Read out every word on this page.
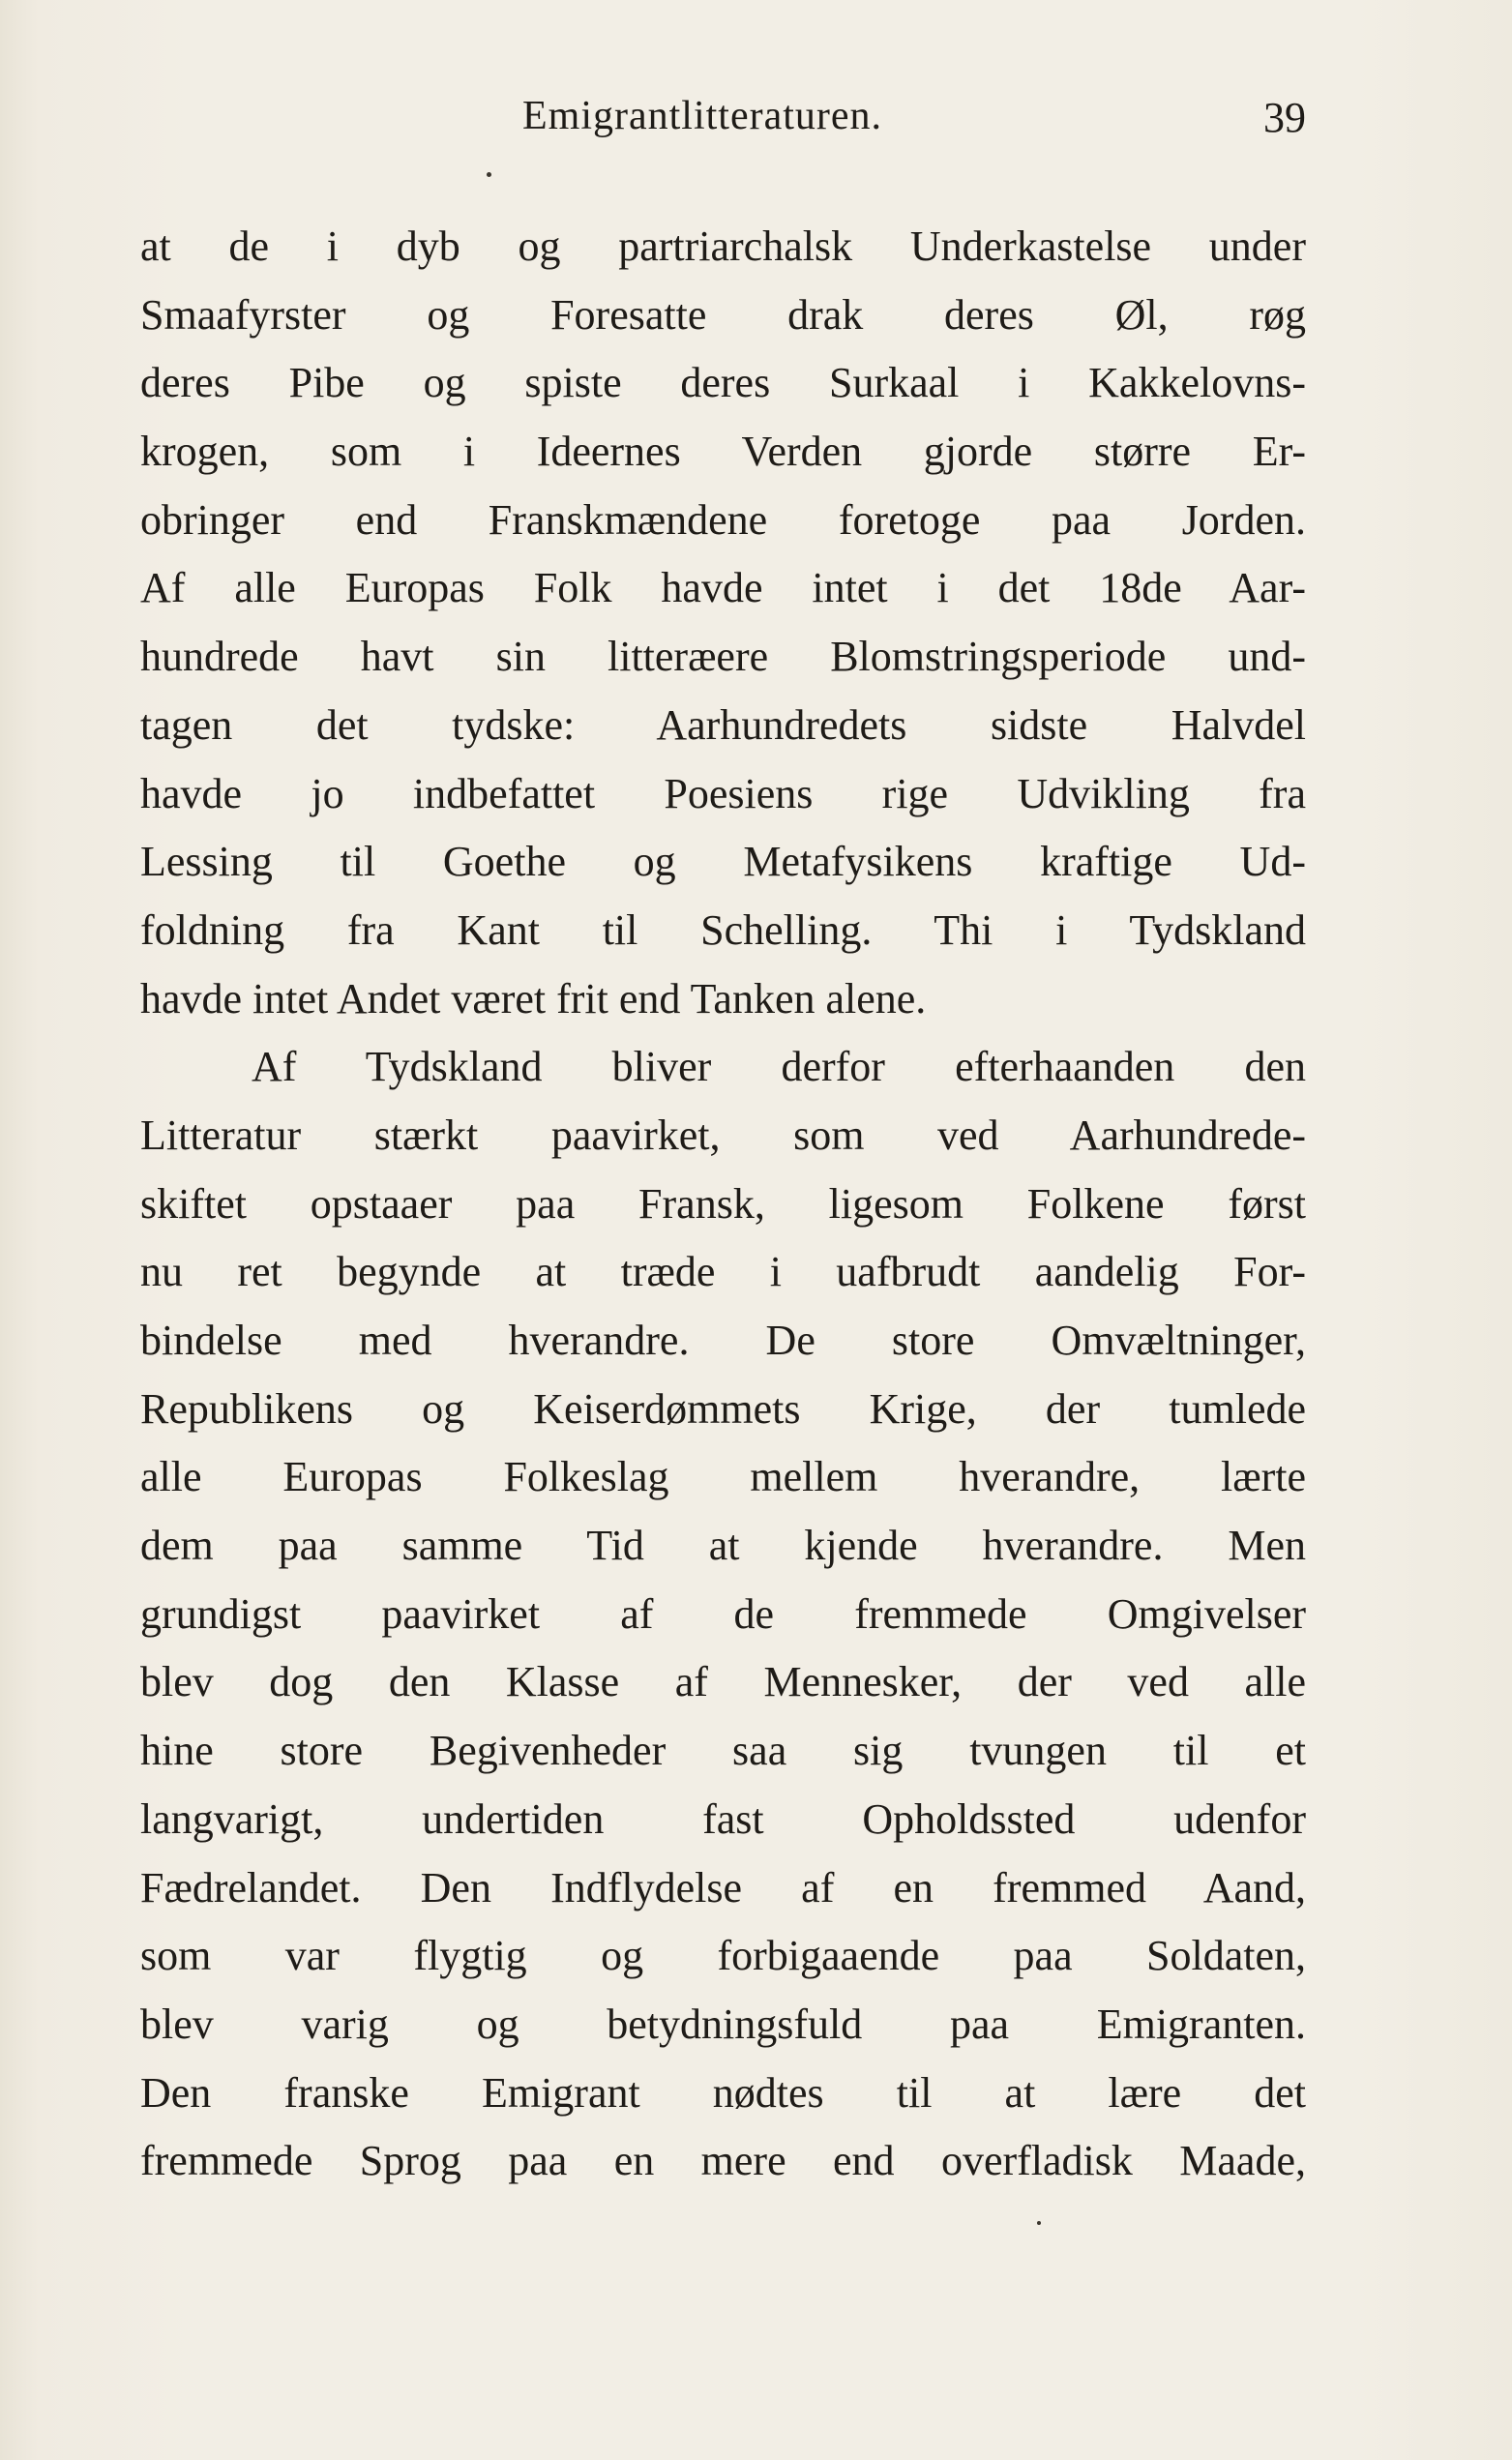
Emigrantlitteraturen.	39
at de i dyb og partriarchalsk Underkastelse under
Smaafyrster og Foresatte drak deres Øl, røg
deres Pibe og spiste deres Surkaal i Kakkelovns-
krogen, som i Ideernes Verden gjorde større Er-
obringer end Franskmændene foretoge paa Jorden.
Af alle Europas Folk havde intet i det 18de Aar-
hundrede havt sin litteræere Blomstringsperiode und-
tagen det tydske: Aarhundredets sidste Halvdel
havde jo indbefattet Poesiens rige Udvikling fra
Lessing til Goethe og Metafysikens kraftige Ud-
foldning fra Kant til Schelling. Thi i Tydskland
havde intet Andet været frit end Tanken alene.
Af Tydskland bliver derfor efterhaanden den
Litteratur stærkt paavirket, som ved Aarhundrede-
skiftet opstaaer paa Fransk, ligesom Folkene først
nu ret begynde at træde i uafbrudt aandelig For-
bindelse med hverandre. De store Omvæltninger,
Republikens og Keiserdømmets Krige, der tumlede
alle Europas Folkeslag mellem hverandre, lærte
dem paa samme Tid at kjende hverandre. Men
grundigst paavirket af de fremmede Omgivelser
blev dog den Klasse af Mennesker, der ved alle
hine store Begivenheder saa sig tvungen til et
langvarigt, undertiden fast Opholdssted udenfor
Fædrelandet. Den Indflydelse af en fremmed Aand,
som var flygtig og forbigaaende paa Soldaten,
blev varig og betydningsfuld paa Emigranten.
Den franske Emigrant nødtes til at lære det
fremmede Sprog paa en mere end overfladisk Maade,
